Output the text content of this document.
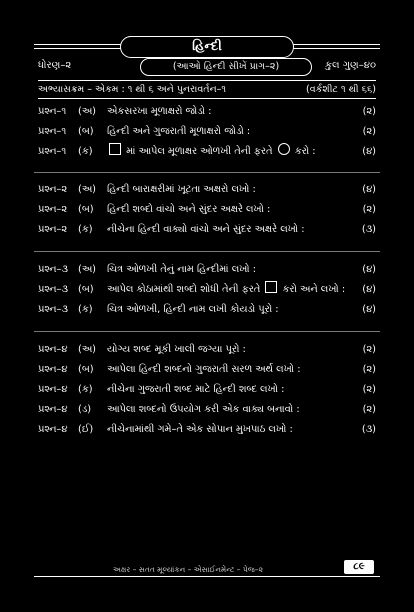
હિન્દી
ધોરણ–૨	(આઓ હિન્દી સીખેં પ્રાગ–૨)	કુલ ગુણ–૪૦
અભ્યાસક્રમ – એકમ : ૧ થી ૬ અને પુનરાવર્તન–૧	(વર્કશીટ ૧ થી ૬૬)
પ્રશ્ન–૧ (અ) એકસરખા મૂળાક્ષરો જોડો :	(૨)
પ્રશ્ન–૧ (બ) હિન્દી અને ગુજરાતી મૂળાક્ષરો જોડો :	(૨)
પ્રશ્ન–૧ (ક)	માં આપેલ મૂળાક્ષર ઓળખી તેની ફરતે કરો :	(૪)
પ્રશ્ન–૨ (અ) હિન્દી બારાક્ષરીમાં ખૂટતા અક્ષરો લખો :	(૪)
પ્રશ્ન–૨ (બ) હિન્દી શબ્દો વાંચો અને સુંદર અક્ષરે લખો :	(૨)
પ્રશ્ન–૨ (ક) નીચેના હિન્દી વાક્યો વાંચો અને સુંદર અક્ષરે લખો :	(૩)
પ્રશ્ન–૩ (અ) ચિત્ર ઓળખી તેનું નામ હિન્દીમાં લખો :	(૪)
પ્રશ્ન–૩ (બ) આપેલ કોઠામાંથી શબ્દો શોધી તેની ફરતે કરો અને લખો : (૪)
પ્રશ્ન–૩ (ક) ચિત્ર ઓળખી, હિન્દી નામ લખી કોયડો પૂરો :	(૪)
પ્રશ્ન–૪ (અ) યોગ્ય શબ્દ મૂકી ખાલી જગ્યા પૂરો :	(૨)
પ્રશ્ન–૪ (બ) આપેલા હિન્દી શબ્દનો ગુજરાતી સરળ અર્થ લખો :	(૨)
પ્રશ્ન–૪ (ક) નીચેના ગુજરાતી શબ્દ માટે હિન્દી શબ્દ લખો :	(૨)
પ્રશ્ન–૪ (ડ) આપેલા શબ્દનો ઉપયોગ કરી એક વાક્ય બનાવો :	(૨)
પ્રશ્ન–૪ (ઈ) નીચેનામાંથી ગમે–તે એક સોપાન મુખપાઠ લખો :	(૩)
અક્ષર – સતત મૂલ્યાંકન – એસાઈનમેન્ટ – પેજ–૨	૮૯
